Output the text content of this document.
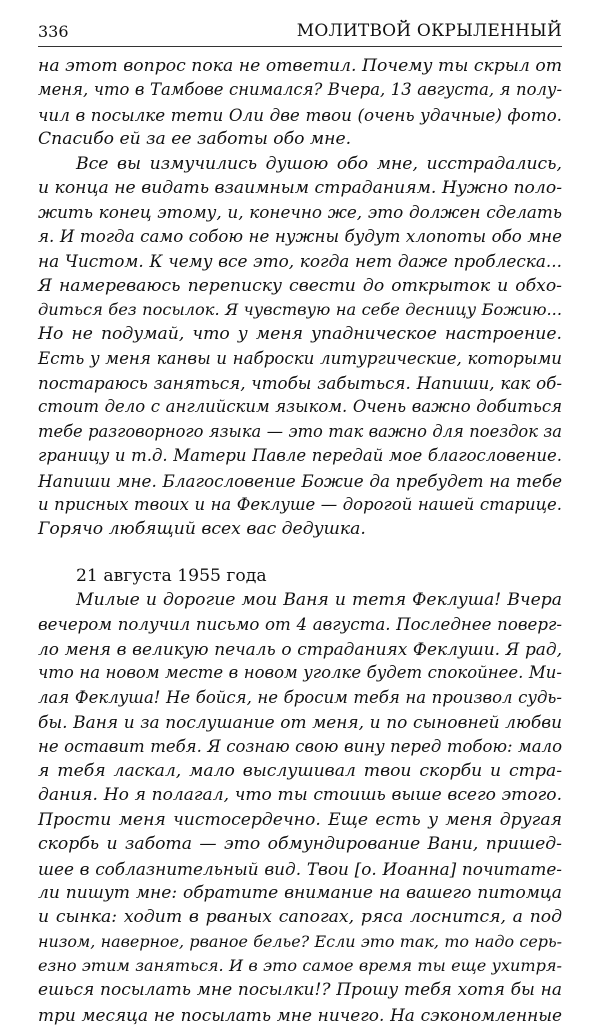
336	МОЛИТВОЙ ОКРЫЛЕННЫЙ
на этот вопрос пока не ответил. Почему ты скрыл от
меня, что в Тамбове снимался? Вчера, 13 августа, я полу-
чил в посылке тети Оли две твои (очень удачные) фото.
Спасибо ей за ее заботы обо мне.
Все вы измучились душою обо мне, исстрадались,
и конца не видать взаимным страданиям. Нужно поло-
жить конец этому, и, конечно же, это должен сделать
я. И тогда само собою не нужны будут хлопоты обо мне
на Чистом. К чему все это, когда нет даже проблеска...
Я намереваюсь переписку свести до открыток и обхо-
диться без посылок. Я чувствую на себе десницу Божию...
Но не подумай, что у меня упадническое настроение.
Есть у меня канвы и наброски литургические, которыми
постараюсь заняться, чтобы забыться. Напиши, как об-
стоит дело с английским языком. Очень важно добиться
тебе разговорного языка — это так важно для поездок за
границу и т.д. Матери Павле передай мое благословение.
Напиши мне. Благословение Божие да пребудет на тебе
и присных твоих и на Феклуше — дорогой нашей старице.
Горячо любящий всех вас дедушка.
21 августа 1955 года
Милые и дорогие мои Ваня и тетя Феклуша! Вчера
вечером получил письмо от 4 августа. Последнее поверг-
ло меня в великую печаль о страданиях Феклуши. Я рад,
что на новом месте в новом уголке будет спокойнее. Ми-
лая Феклуша! Не бойся, не бросим тебя на произвол судь-
бы. Ваня и за послушание от меня, и по сыновней любви
не оставит тебя. Я сознаю свою вину перед тобою: мало
я тебя ласкал, мало выслушивал твои скорби и стра-
дания. Но я полагал, что ты стоишь выше всего этого.
Прости меня чистосердечно. Еще есть у меня другая
скорбь и забота — это обмундирование Вани, пришед-
шее в соблазнительный вид. Твои [о. Иоанна] почитате-
ли пишут мне: обратите внимание на вашего питомца
и сынка: ходит в рваных сапогах, ряса лоснится, а под
низом, наверное, рваное белье? Если это так, то надо серь-
езно этим заняться. И в это самое время ты еще ухитря-
ешься посылать мне посылки!? Прошу тебя хотя бы на
три месяца не посылать мне ничего. На сэкономленные
